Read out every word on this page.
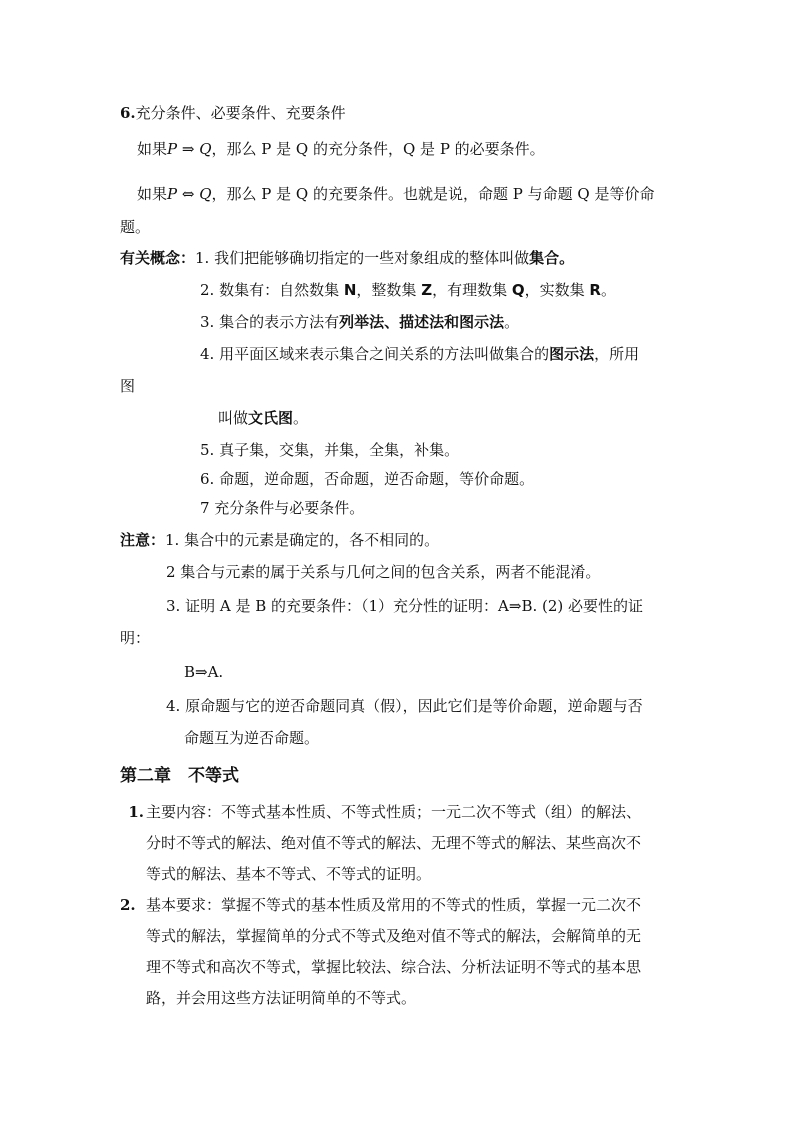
6.充分条件、必要条件、充要条件
如果P ⇒ Q，那么 P 是 Q 的充分条件，Q 是 P 的必要条件。
如果P ⇔ Q，那么 P 是 Q 的充要条件。也就是说，命题 P 与命题 Q 是等价命
题。
有关概念：1. 我们把能够确切指定的一些对象组成的整体叫做集合。
2. 数集有：自然数集 N，整数集 Z，有理数集 Q，实数集 R。
3. 集合的表示方法有列举法、描述法和图示法。
4. 用平面区域来表示集合之间关系的方法叫做集合的图示法，所用
图
叫做文氏图。
5. 真子集，交集，并集，全集，补集。
6. 命题，逆命题，否命题，逆否命题，等价命题。
7 充分条件与必要条件。
注意：1. 集合中的元素是确定的，各不相同的。
2 集合与元素的属于关系与几何之间的包含关系，两者不能混淆。
3. 证明 A 是 B 的充要条件：（1）充分性的证明：A⇒B. (2) 必要性的证
明：
B⇒A.
4. 原命题与它的逆否命题同真（假），因此它们是等价命题，逆命题与否
命题互为逆否命题。
第二章　不等式
1. 主要内容：不等式基本性质、不等式性质；一元二次不等式（组）的解法、
分时不等式的解法、绝对值不等式的解法、无理不等式的解法、某些高次不
等式的解法、基本不等式、不等式的证明。
2. 基本要求：掌握不等式的基本性质及常用的不等式的性质，掌握一元二次不
等式的解法，掌握简单的分式不等式及绝对值不等式的解法，会解简单的无
理不等式和高次不等式，掌握比较法、综合法、分析法证明不等式的基本思
路，并会用这些方法证明简单的不等式。
